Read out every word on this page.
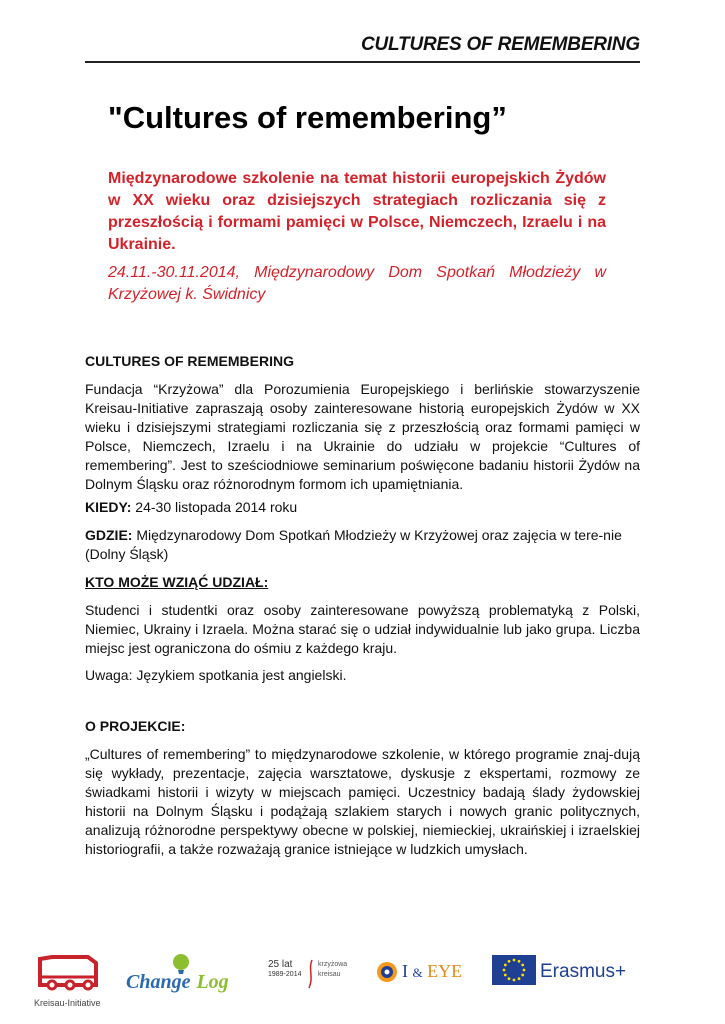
CULTURES OF REMEMBERING
"Cultures of remembering”
Międzynarodowe szkolenie na temat historii europejskich Żydów w XX wieku oraz dzisiejszych strategiach rozliczania się z przeszłością i formami pamięci w Polsce, Niemczech, Izraelu i na Ukrainie.
24.11.-30.11.2014, Międzynarodowy Dom Spotkań Młodzieży w Krzyżowej k. Świdnicy
CULTURES OF REMEMBERING
Fundacja “Krzyżowa” dla Porozumienia Europejskiego i berlińskie stowarzyszenie Kreisau-Initiative zapraszają osoby zainteresowane historią europejskich Żydów w XX wieku i dzisiejszymi strategiami rozliczania się z przeszłością oraz formami pamięci w Polsce, Niemczech, Izraelu i na Ukrainie do udziału w projekcie “Cultures of remembering”. Jest to sześciodniowe seminarium poświęcone badaniu historii Żydów na Dolnym Śląsku oraz różnorodnym formom ich upamiętniania.
KIEDY: 24-30 listopada 2014 roku
GDZIE: Międzynarodowy Dom Spotkań Młodzieży w Krzyżowej oraz zajęcia w tere-nie (Dolny Śląsk)
KTO MOŻE WZIĄĆ UDZIAŁ:
Studenci i studentki oraz osoby zainteresowane powyższą problematyką z Polski, Niemiec, Ukrainy i Izraela. Można starać się o udział indywidualnie lub jako grupa. Liczba miejsc jest ograniczona do ośmiu z każdego kraju.
Uwaga: Językiem spotkania jest angielski.
O PROJEKCIE:
„Cultures of remembering” to międzynarodowe szkolenie, w którego programie znaj-dują się wykłady, prezentacje, zajęcia warsztatowe, dyskusje z ekspertami, rozmowy ze świadkami historii i wizyty w miejscach pamięci. Uczestnicy badają ślady żydowskiej historii na Dolnym Śląsku i podążają szlakiem starych i nowych granic politycznych, analizują różnorodne perspektywy obecne w polskiej, niemieckiej, ukraińskiej i izraelskiej historiografii, a także rozważają granice istniejące w ludzkich umysłach.
Kreisau-Initiative
Change Log
25 lat
1989-2014
krzyżowa
kreisau	I & EYE	Erasmus+
